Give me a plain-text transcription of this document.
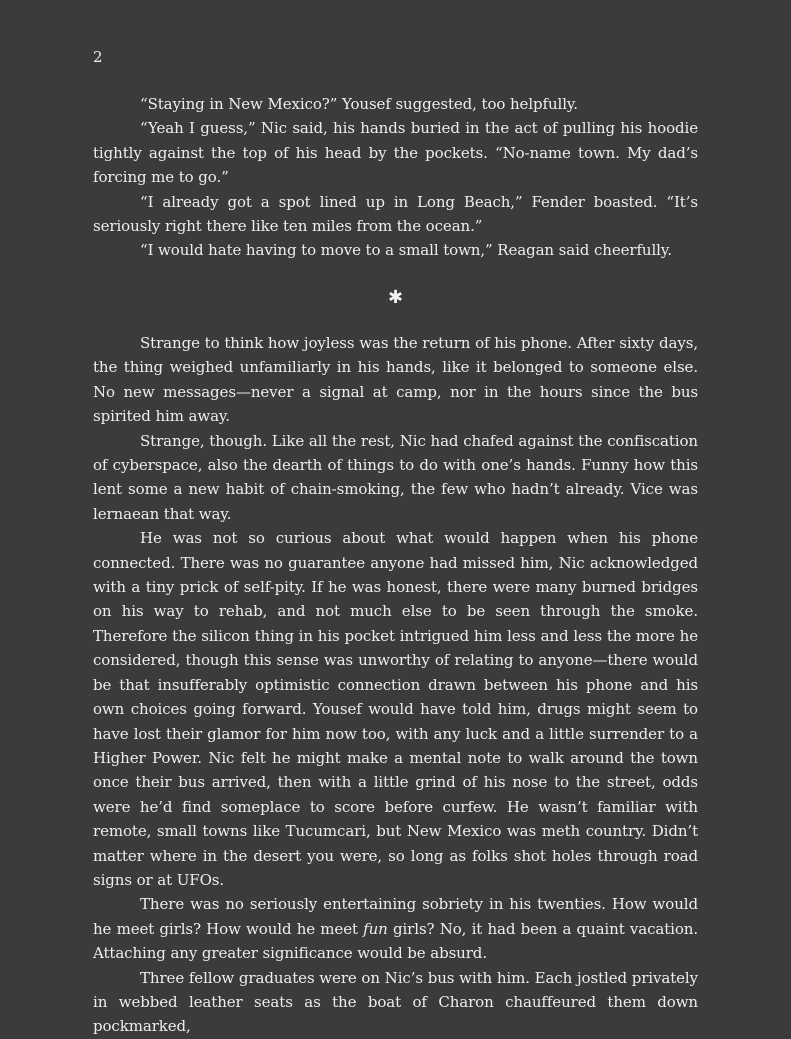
2

“Staying in New Mexico?” Yousef suggested, too helpfully.

“Yeah I guess,” Nic said, his hands buried in the act of pulling his hoodie tightly against the top of his head by the pockets. “No-name town. My dad’s forcing me to go.”

“I already got a spot lined up in Long Beach,” Fender boasted. “It’s seriously right there like ten miles from the ocean.”

“I would hate having to move to a small town,” Reagan said cheerfully.

✱

Strange to think how joyless was the return of his phone. After sixty days, the thing weighed unfamiliarly in his hands, like it belonged to someone else. No new messages—never a signal at camp, nor in the hours since the bus spirited him away.

Strange, though. Like all the rest, Nic had chafed against the confiscation of cyberspace, also the dearth of things to do with one’s hands. Funny how this lent some a new habit of chain-smoking, the few who hadn’t already. Vice was lernaean that way.

He was not so curious about what would happen when his phone connected. There was no guarantee anyone had missed him, Nic acknowledged with a tiny prick of self-pity. If he was honest, there were many burned bridges on his way to rehab, and not much else to be seen through the smoke. Therefore the silicon thing in his pocket intrigued him less and less the more he considered, though this sense was unworthy of relating to anyone—there would be that insufferably optimistic connection drawn between his phone and his own choices going forward. Yousef would have told him, drugs might seem to have lost their glamor for him now too, with any luck and a little surrender to a Higher Power. Nic felt he might make a mental note to walk around the town once their bus arrived, then with a little grind of his nose to the street, odds were he’d find someplace to score before curfew. He wasn’t familiar with remote, small towns like Tucumcari, but New Mexico was meth country. Didn’t matter where in the desert you were, so long as folks shot holes through road signs or at UFOs.

There was no seriously entertaining sobriety in his twenties. How would he meet girls? How would he meet fun girls? No, it had been a quaint vacation. Attaching any greater significance would be absurd.

Three fellow graduates were on Nic’s bus with him. Each jostled privately in webbed leather seats as the boat of Charon chauffeured them down pockmarked,
